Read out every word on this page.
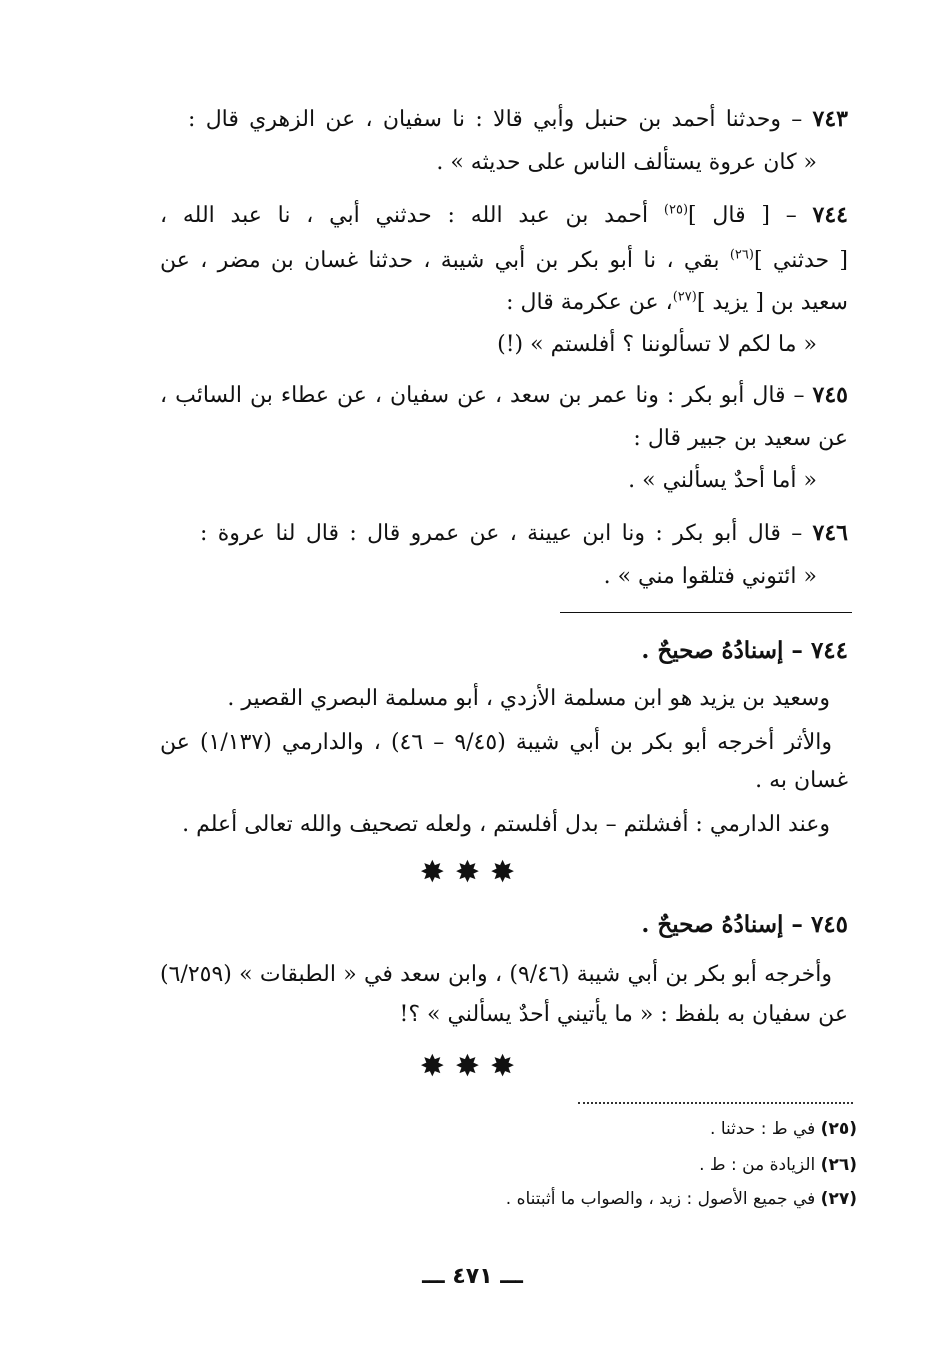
٧٤٣ – وحدثنا أحمد بن حنبل وأبي قالا : نا سفيان ، عن الزهري قال :
« كان عروة يستألف الناس على حديثه » .
٧٤٤ – [ قال ]$^{(٢٥)}$ أحمد بن عبد الله : حدثني أبي ، نا عبد الله ،
[ حدثني ]$^{(٢٦)}$ بقي ، نا أبو بكر بن أبي شيبة ، حدثنا غسان بن مضر ، عن
سعيد بن [ يزيد ]$^{(٢٧)}$، عن عكرمة قال :
« ما لكم لا تسألوننا ؟ أفلستم » (!)
٧٤٥ – قال أبو بكر : ونا عمر بن سعد ، عن سفيان ، عن عطاء بن السائب ،
عن سعيد بن جبير قال :
« أما أحدٌ يسألني » .
٧٤٦ – قال أبو بكر : ونا ابن عيينة ، عن عمرو قال : قال لنا عروة :
« ائتوني فتلقوا مني » .
٧٤٤ – إسنادُهُ صحيحٌ .
وسعيد بن يزيد هو ابن مسلمة الأزدي ، أبو مسلمة البصري القصير .
والأثر أخرجه أبو بكر بن أبي شيبة (٩/٤٥ – ٤٦) ، والدارمي (١/١٣٧) عن
غسان به .
وعند الدارمي : أفشلتم – بدل أفلستم ، ولعله تصحيف والله تعالى أعلم .
✸✸✸
٧٤٥ – إسنادُهُ صحيحٌ .
وأخرجه أبو بكر بن أبي شيبة (٩/٤٦) ، وابن سعد في « الطبقات » (٦/٢٥٩)
عن سفيان به بلفظ : « ما يأتيني أحدٌ يسألني » ؟!
✸✸✸
(٢٥) في ط : حدثنا .
(٢٦) الزيادة من : ط .
(٢٧) في جميع الأصول : زيد ، والصواب ما أثبتناه .
ـــ ٤٧١ ـــ
